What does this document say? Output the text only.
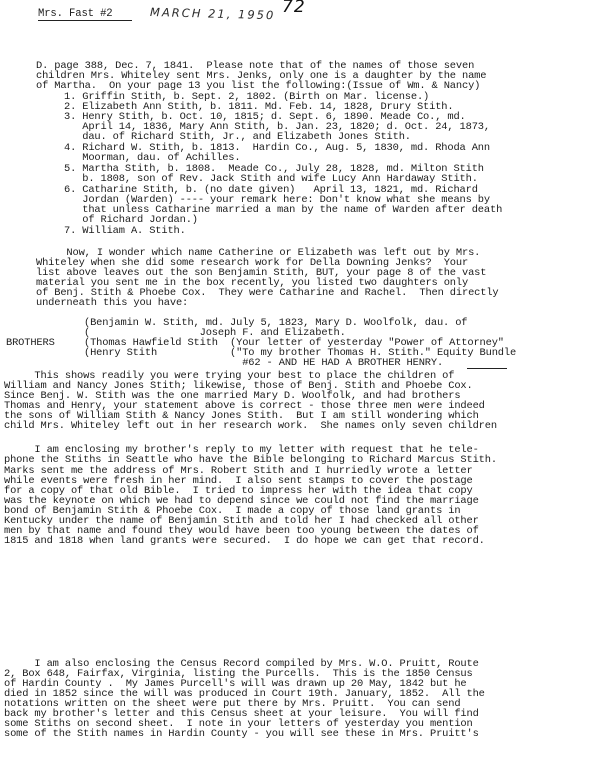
Mrs. Fast #2	MARCH 21, 1950 72
D. page 388, Dec. 7, 1841.  Please note that of the names of those seven
children Mrs. Whiteley sent Mrs. Jenks, only one is a daughter by the name
of Martha.  On your page 13 you list the following:(Issue of Wm. & Nancy)
1. Griffin Stith, b. Sept. 2, 1802. (Birth on Mar. license.)
2. Elizabeth Ann Stith, b. 1811. Md. Feb. 14, 1828, Drury Stith.
3. Henry Stith, b. Oct. 10, 1815; d. Sept. 6, 1890. Meade Co., md.
April 14, 1836, Mary Ann Stith, b. Jan. 23, 1820; d. Oct. 24, 1873,
dau. of Richard Stith, Jr., and Elizabeth Jones Stith.
4. Richard W. Stith, b. 1813.  Hardin Co., Aug. 5, 1830, md. Rhoda Ann
Moorman, dau. of Achilles.
5. Martha Stith, b. 1808.  Meade Co., July 28, 1828, md. Milton Stith
b. 1808, son of Rev. Jack Stith and wife Lucy Ann Hardaway Stith.
6. Catharine Stith, b. (no date given)   April 13, 1821, md. Richard
Jordan (Warden) ---- your remark here: Don't know what she means by
that unless Catharine married a man by the name of Warden after death
of Richard Jordan.)
7. William A. Stith.
Now, I wonder which name Catherine or Elizabeth was left out by Mrs.
Whiteley when she did some research work for Della Downing Jenks?  Your
list above leaves out the son Benjamin Stith, BUT, your page 8 of the vast
material you sent me in the box recently, you listed two daughters only
of Benj. Stith & Phoebe Cox.  They were Catharine and Rachel.  Then directly
underneath this you have:
BROTHERS
(Benjamin W. Stith, md. July 5, 1823, Mary D. Woolfolk, dau. of
(                  Joseph F. and Elizabeth.
(Thomas Hawfield Stith  (Your letter of yesterday "Power of Attorney"
(Henry Stith            ("To my brother Thomas H. Stith." Equity Bundle
#62 - AND HE HAD A BROTHER HENRY.
This shows readily you were trying your best to place the children of
William and Nancy Jones Stith; likewise, those of Benj. Stith and Phoebe Cox.
Since Benj. W. Stith was the one married Mary D. Woolfolk, and had brothers
Thomas and Henry, your statement above is correct - those three men were indeed
the sons of William Stith & Nancy Jones Stith.  But I am still wondering which
child Mrs. Whiteley left out in her research work.  She names only seven children
I am enclosing my brother's reply to my letter with request that he tele-
phone the Stiths in Seattle who have the Bible belonging to Richard Marcus Stith.
Marks sent me the address of Mrs. Robert Stith and I hurriedly wrote a letter
while events were fresh in her mind.  I also sent stamps to cover the postage
for a copy of that old Bible.  I tried to impress her with the idea that copy
was the keynote on which we had to depend since we could not find the marriage
bond of Benjamin Stith & Phoebe Cox.  I made a copy of those land grants in
Kentucky under the name of Benjamin Stith and told her I had checked all other
men by that name and found they would have been too young between the dates of
1815 and 1818 when land grants were secured.  I do hope we can get that record.
I am also enclosing the Census Record compiled by Mrs. W.O. Pruitt, Route
2, Box 648, Fairfax, Virginia, listing the Purcells.  This is the 1850 Census
of Hardin County .  My James Purcell's will was drawn up 20 May, 1842 but he
died in 1852 since the will was produced in Court 19th. January, 1852.  All the
notations written on the sheet were put there by Mrs. Pruitt.  You can send
back my brother's letter and this Census sheet at your leisure.  You will find
some Stiths on second sheet.  I note in your letters of yesterday you mention
some of the Stith names in Hardin County - you will see these in Mrs. Pruitt's
